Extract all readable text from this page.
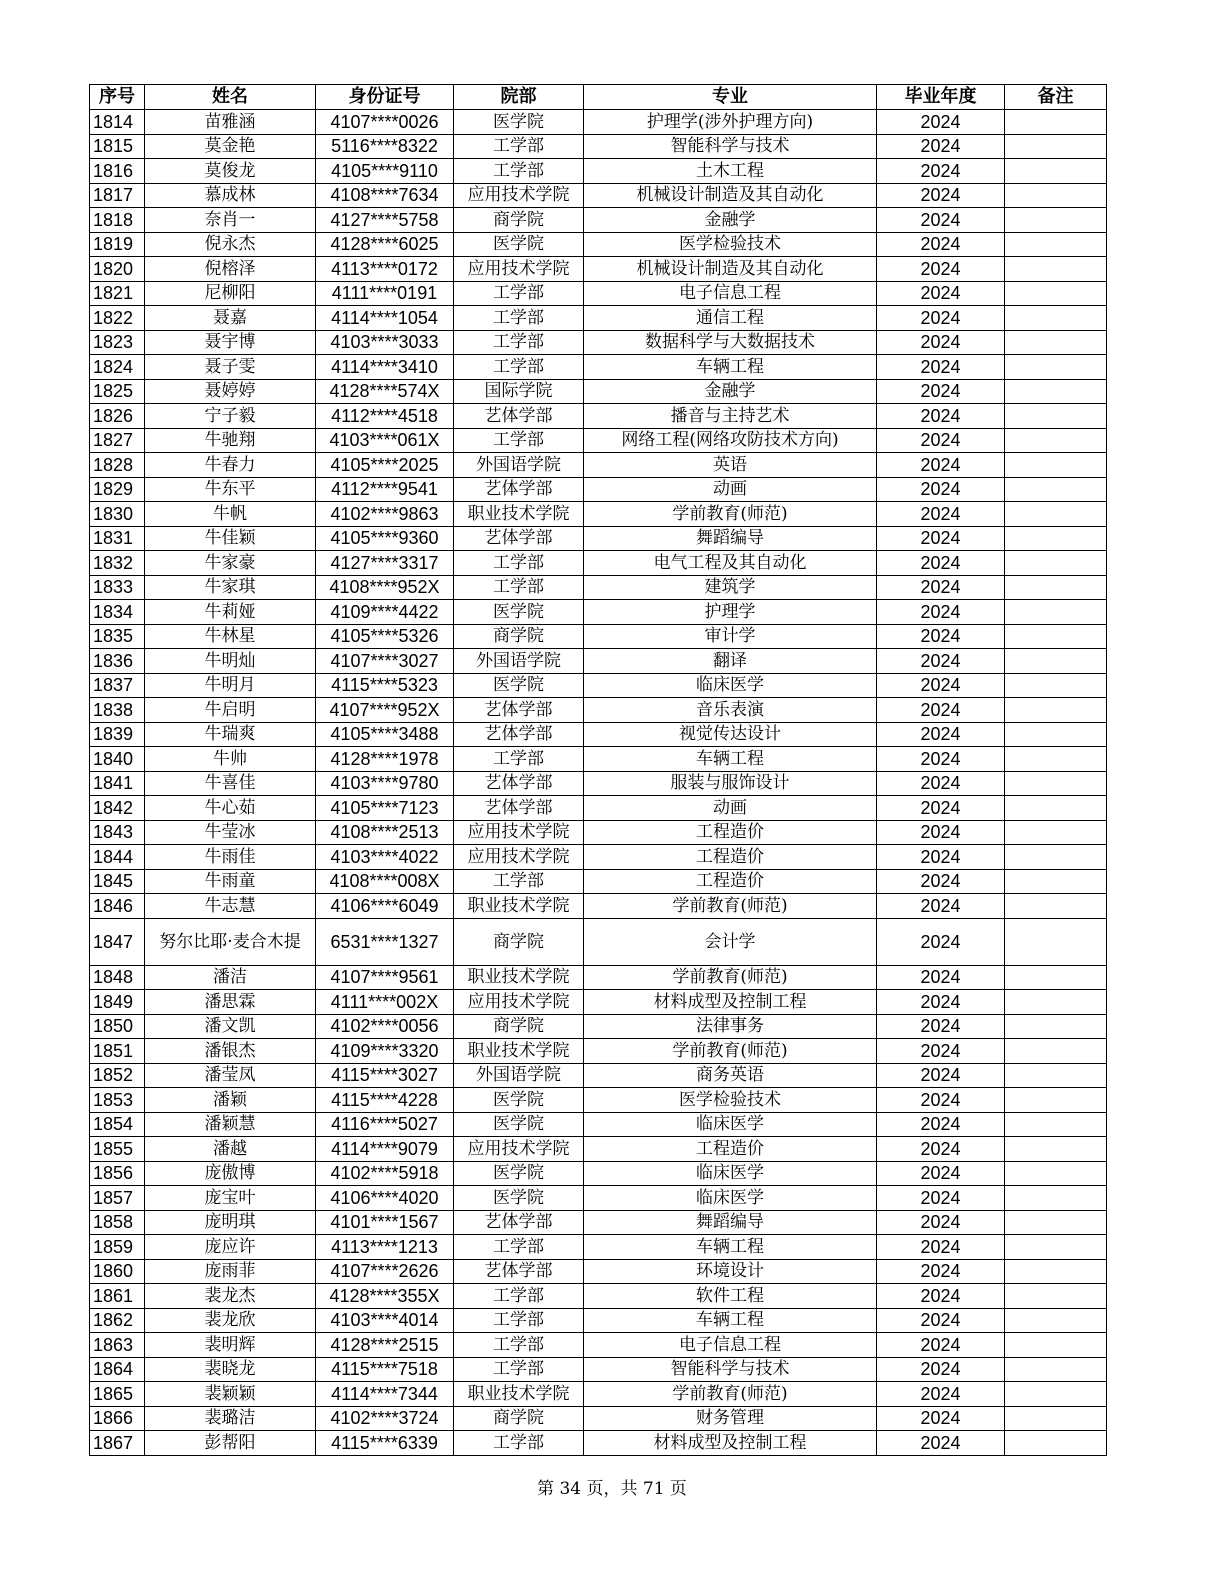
序号	姓名	身份证号	院部	专业	毕业年度	备注
1814	苗雅涵	4107****0026	医学院	护理学(涉外护理方向)	2024	
1815	莫金艳	5116****8322	工学部	智能科学与技术	2024	
1816	莫俊龙	4105****9110	工学部	土木工程	2024	
1817	慕成林	4108****7634	应用技术学院	机械设计制造及其自动化	2024	
1818	奈肖一	4127****5758	商学院	金融学	2024	
1819	倪永杰	4128****6025	医学院	医学检验技术	2024	
1820	倪榕泽	4113****0172	应用技术学院	机械设计制造及其自动化	2024	
1821	尼柳阳	4111****0191	工学部	电子信息工程	2024	
1822	聂嘉	4114****1054	工学部	通信工程	2024	
1823	聂宇博	4103****3033	工学部	数据科学与大数据技术	2024	
1824	聂子雯	4114****3410	工学部	车辆工程	2024	
1825	聂婷婷	4128****574X	国际学院	金融学	2024	
1826	宁子毅	4112****4518	艺体学部	播音与主持艺术	2024	
1827	牛驰翔	4103****061X	工学部	网络工程(网络攻防技术方向)	2024	
1828	牛春力	4105****2025	外国语学院	英语	2024	
1829	牛东平	4112****9541	艺体学部	动画	2024	
1830	牛帆	4102****9863	职业技术学院	学前教育(师范)	2024	
1831	牛佳颖	4105****9360	艺体学部	舞蹈编导	2024	
1832	牛家豪	4127****3317	工学部	电气工程及其自动化	2024	
1833	牛家琪	4108****952X	工学部	建筑学	2024	
1834	牛莉娅	4109****4422	医学院	护理学	2024	
1835	牛林星	4105****5326	商学院	审计学	2024	
1836	牛明灿	4107****3027	外国语学院	翻译	2024	
1837	牛明月	4115****5323	医学院	临床医学	2024	
1838	牛启明	4107****952X	艺体学部	音乐表演	2024	
1839	牛瑞爽	4105****3488	艺体学部	视觉传达设计	2024	
1840	牛帅	4128****1978	工学部	车辆工程	2024	
1841	牛喜佳	4103****9780	艺体学部	服装与服饰设计	2024	
1842	牛心茹	4105****7123	艺体学部	动画	2024	
1843	牛莹冰	4108****2513	应用技术学院	工程造价	2024	
1844	牛雨佳	4103****4022	应用技术学院	工程造价	2024	
1845	牛雨童	4108****008X	工学部	工程造价	2024	
1846	牛志慧	4106****6049	职业技术学院	学前教育(师范)	2024	
1847	努尔比耶·麦合木提	6531****1327	商学院	会计学	2024	
1848	潘洁	4107****9561	职业技术学院	学前教育(师范)	2024	
1849	潘思霖	4111****002X	应用技术学院	材料成型及控制工程	2024	
1850	潘文凯	4102****0056	商学院	法律事务	2024	
1851	潘银杰	4109****3320	职业技术学院	学前教育(师范)	2024	
1852	潘莹凤	4115****3027	外国语学院	商务英语	2024	
1853	潘颖	4115****4228	医学院	医学检验技术	2024	
1854	潘颖慧	4116****5027	医学院	临床医学	2024	
1855	潘越	4114****9079	应用技术学院	工程造价	2024	
1856	庞傲博	4102****5918	医学院	临床医学	2024	
1857	庞宝叶	4106****4020	医学院	临床医学	2024	
1858	庞明琪	4101****1567	艺体学部	舞蹈编导	2024	
1859	庞应许	4113****1213	工学部	车辆工程	2024	
1860	庞雨菲	4107****2626	艺体学部	环境设计	2024	
1861	裴龙杰	4128****355X	工学部	软件工程	2024	
1862	裴龙欣	4103****4014	工学部	车辆工程	2024	
1863	裴明辉	4128****2515	工学部	电子信息工程	2024	
1864	裴晓龙	4115****7518	工学部	智能科学与技术	2024	
1865	裴颖颖	4114****7344	职业技术学院	学前教育(师范)	2024	
1866	裴璐洁	4102****3724	商学院	财务管理	2024	
1867	彭帮阳	4115****6339	工学部	材料成型及控制工程	2024	
第 34 页，共 71 页
